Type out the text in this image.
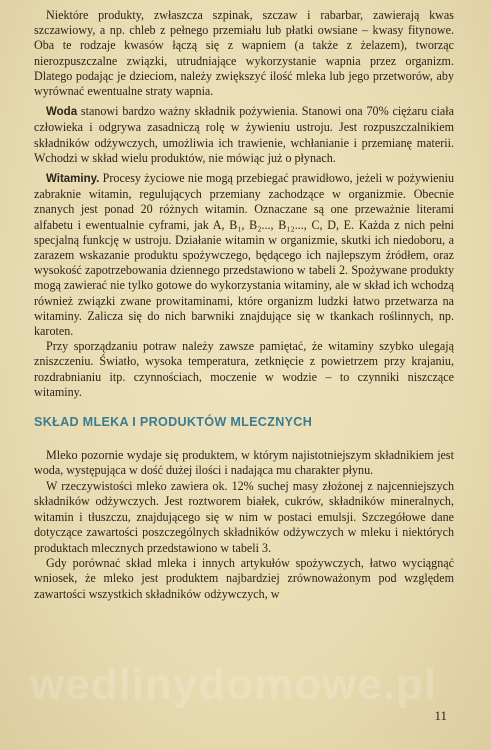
Niektóre produkty, zwłaszcza szpinak, szczaw i rabarbar, zawierają kwas szczawiowy, a np. chleb z pełnego przemiału lub płatki owsiane – kwasy fitynowe. Oba te rodzaje kwasów łączą się z wapniem (a także z żelazem), tworząc nierozpuszczalne związki, utrudniające wykorzystanie wapnia przez organizm. Dlatego podając je dzieciom, należy zwiększyć ilość mleka lub jego przetworów, aby wyrównać ewentualne straty wapnia.

Woda stanowi bardzo ważny składnik pożywienia. Stanowi ona 70% ciężaru ciała człowieka i odgrywa zasadniczą rolę w żywieniu ustroju. Jest rozpuszczalnikiem składników odżywczych, umożliwia ich trawienie, wchłanianie i przemianę materii. Wchodzi w skład wielu produktów, nie mówiąc już o płynach.

Witaminy. Procesy życiowe nie mogą przebiegać prawidłowo, jeżeli w pożywieniu zabraknie witamin, regulujących przemiany zachodzące w organizmie. Obecnie znanych jest ponad 20 różnych witamin. Oznaczane są one przeważnie literami alfabetu i ewentualnie cyframi, jak A, B₁, B₂..., B₁₂..., C, D, E. Każda z nich pełni specjalną funkcję w ustroju. Działanie witamin w organizmie, skutki ich niedoboru, a zarazem wskazanie produktu spożywczego, będącego ich najlepszym źródłem, oraz wysokość zapotrzebowania dziennego przedstawiono w tabeli 2. Spożywane produkty mogą zawierać nie tylko gotowe do wykorzystania witaminy, ale w skład ich wchodzą również związki zwane prowitaminami, które organizm ludzki łatwo przetwarza na witaminy. Zalicza się do nich barwniki znajdujące się w tkankach roślinnych, np. karoten.

Przy sporządzaniu potraw należy zawsze pamiętać, że witaminy szybko ulegają zniszczeniu. Światło, wysoka temperatura, zetknięcie z powietrzem przy krajaniu, rozdrabnianiu itp. czynnościach, moczenie w wodzie – to czynniki niszczące witaminy.

SKŁAD MLEKA I PRODUKTÓW MLECZNYCH

Mleko pozornie wydaje się produktem, w którym najistotniejszym składnikiem jest woda, występująca w dość dużej ilości i nadająca mu charakter płynu.

W rzeczywistości mleko zawiera ok. 12% suchej masy złożonej z najcenniejszych składników odżywczych. Jest roztworem białek, cukrów, składników mineralnych, witamin i tłuszczu, znajdującego się w nim w postaci emulsji. Szczegółowe dane dotyczące zawartości poszczególnych składników odżywczych w mleku i niektórych produktach mlecznych przedstawiono w tabeli 3.

Gdy porównać skład mleka i innych artykułów spożywczych, łatwo wyciągnąć wniosek, że mleko jest produktem najbardziej zrównoważonym pod względem zawartości wszystkich składników odżywczych, w

wedlinydomowe.pl
11
